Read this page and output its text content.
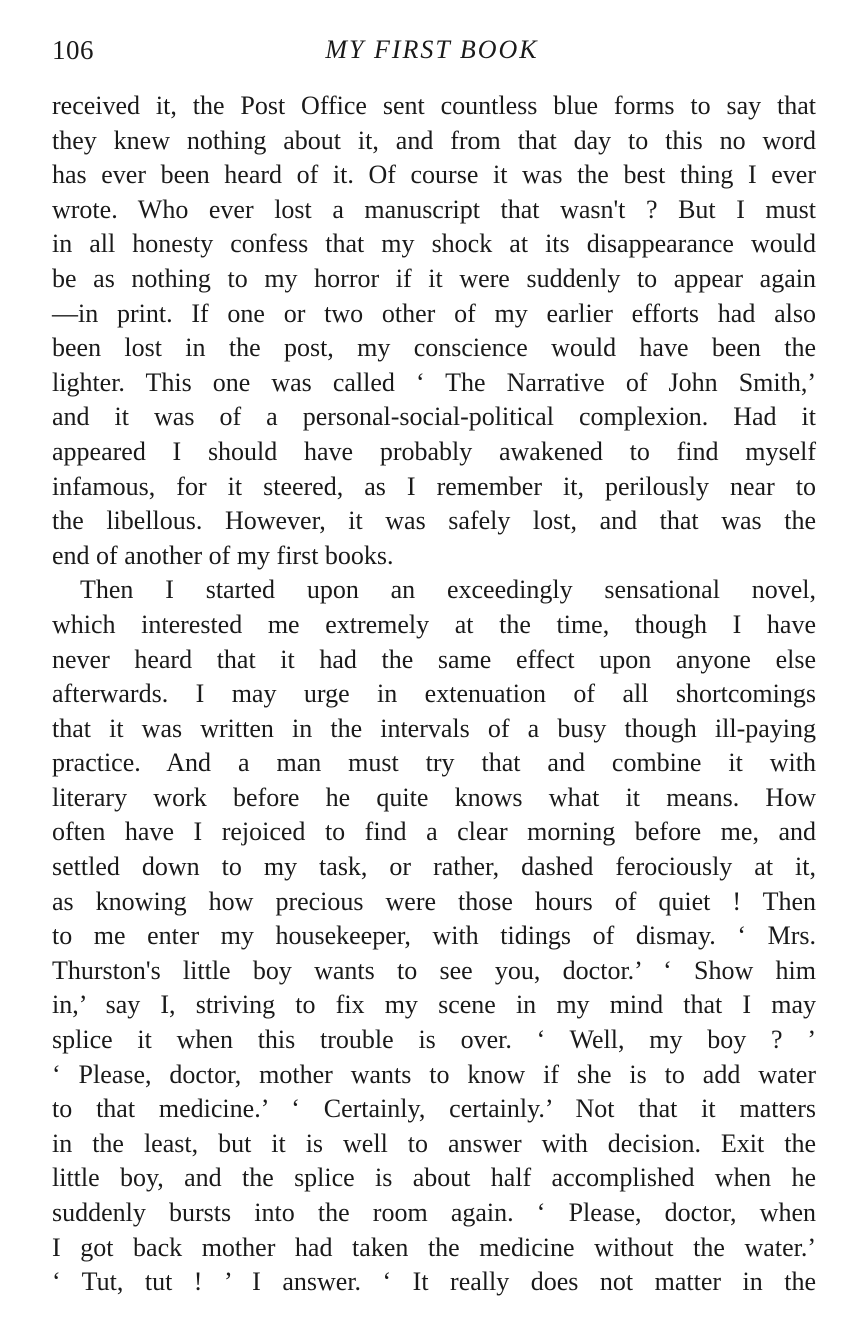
106	MY FIRST BOOK
received it, the Post Office sent countless blue forms to say that
they knew nothing about it, and from that day to this no word
has ever been heard of it. Of course it was the best thing I ever
wrote. Who ever lost a manuscript that wasn't ? But I must
in all honesty confess that my shock at its disappearance would
be as nothing to my horror if it were suddenly to appear again
—in print. If one or two other of my earlier efforts had also
been lost in the post, my conscience would have been the
lighter. This one was called ‘ The Narrative of John Smith,’
and it was of a personal-social-political complexion. Had it
appeared I should have probably awakened to find myself
infamous, for it steered, as I remember it, perilously near to
the libellous. However, it was safely lost, and that was the
end of another of my first books.
Then I started upon an exceedingly sensational novel,
which interested me extremely at the time, though I have
never heard that it had the same effect upon anyone else
afterwards. I may urge in extenuation of all shortcomings
that it was written in the intervals of a busy though ill-paying
practice. And a man must try that and combine it with
literary work before he quite knows what it means. How
often have I rejoiced to find a clear morning before me, and
settled down to my task, or rather, dashed ferociously at it,
as knowing how precious were those hours of quiet ! Then
to me enter my housekeeper, with tidings of dismay. ‘ Mrs.
Thurston's little boy wants to see you, doctor.’ ‘ Show him
in,’ say I, striving to fix my scene in my mind that I may
splice it when this trouble is over. ‘ Well, my boy ? ’
‘ Please, doctor, mother wants to know if she is to add water
to that medicine.’ ‘ Certainly, certainly.’ Not that it matters
in the least, but it is well to answer with decision. Exit the
little boy, and the splice is about half accomplished when he
suddenly bursts into the room again. ‘ Please, doctor, when
I got back mother had taken the medicine without the water.’
‘ Tut, tut ! ’ I answer. ‘ It really does not matter in the
